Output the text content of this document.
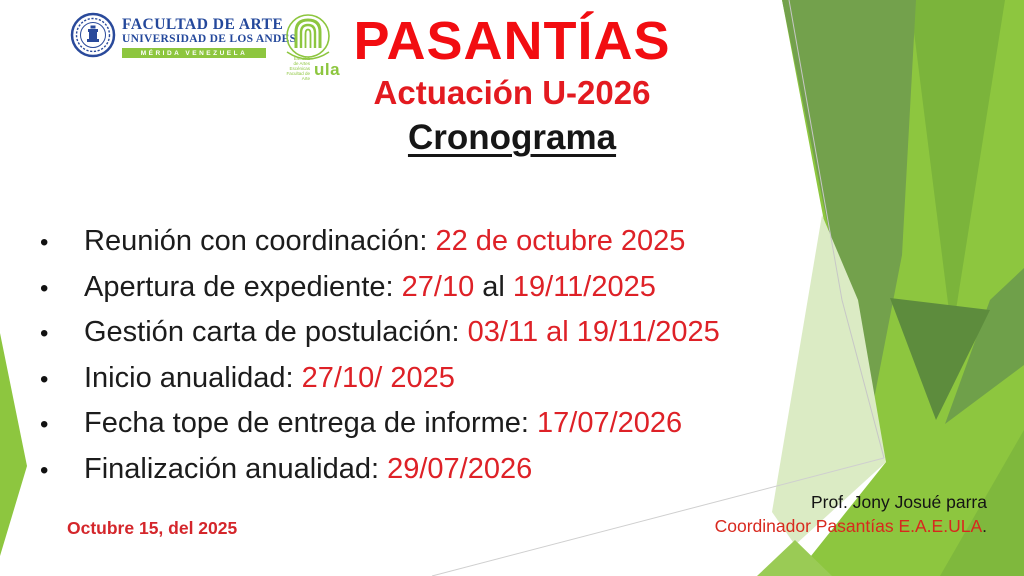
FACULTAD DE ARTE
UNIVERSIDAD DE LOS ANDES
MÉRIDA VENEZUELA
Escuela
de Artes Escénicas
Facultad de Arte ula PASANTÍAS
Actuación U-2026
Cronograma
• Reunión con coordinación: 22 de octubre 2025
• Apertura de expediente: 27/10 al 19/11/2025
• Gestión carta de postulación: 03/11 al 19/11/2025
• Inicio anualidad: 27/10/ 2025
• Fecha tope de entrega de informe: 17/07/2026
• Finalización anualidad: 29/07/2026
Octubre 15, del 2025
Prof. Jony Josué parra
Coordinador Pasantías E.A.E.ULA.
